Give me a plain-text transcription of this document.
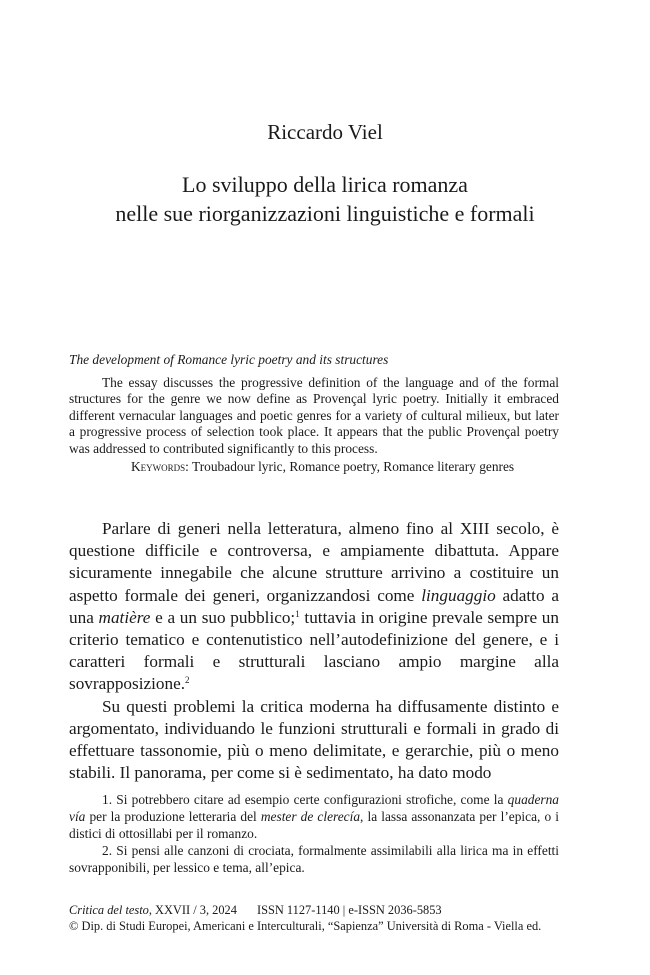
Riccardo Viel
Lo sviluppo della lirica romanza
nelle sue riorganizzazioni linguistiche e formali

The development of Romance lyric poetry and its structures

The essay discusses the progressive definition of the language and of the formal structures for the genre we now define as Provençal lyric poetry. Initially it embraced different vernacular languages and poetic genres for a variety of cultural milieux, but later a progressive process of selection took place. It appears that the public Provençal poetry was addressed to contributed significantly to this process.

Keywords: Troubadour lyric, Romance poetry, Romance literary genres

Parlare di generi nella letteratura, almeno fino al XIII secolo, è questione difficile e controversa, e ampiamente dibattuta. Appare sicuramente innegabile che alcune strutture arrivino a costituire un aspetto formale dei generi, organizzandosi come linguaggio adatto a una matière e a un suo pubblico;$^1$ tuttavia in origine prevale sempre un criterio tematico e contenutistico nell’autodefinizione del genere, e i caratteri formali e strutturali lasciano ampio margine alla sovrapposizione.$^2$

Su questi problemi la critica moderna ha diffusamente distinto e argomentato, individuando le funzioni strutturali e formali in grado di effettuare tassonomie, più o meno delimitate, e gerarchie, più o meno stabili. Il panorama, per come si è sedimentato, ha dato modo

1. Si potrebbero citare ad esempio certe configurazioni strofiche, come la quaderna vía per la produzione letteraria del mester de clerecía, la lassa assonanzata per l’epica, o i distici di ottosillabi per il romanzo.

2. Si pensi alle canzoni di crociata, formalmente assimilabili alla lirica ma in effetti sovrapponibili, per lessico e tema, all’epica.

Critica del testo, XXVII / 3, 2024 ISSN 1127-1140 | e-ISSN 2036-5853
© Dip. di Studi Europei, Americani e Interculturali, “Sapienza” Università di Roma - Viella ed.
